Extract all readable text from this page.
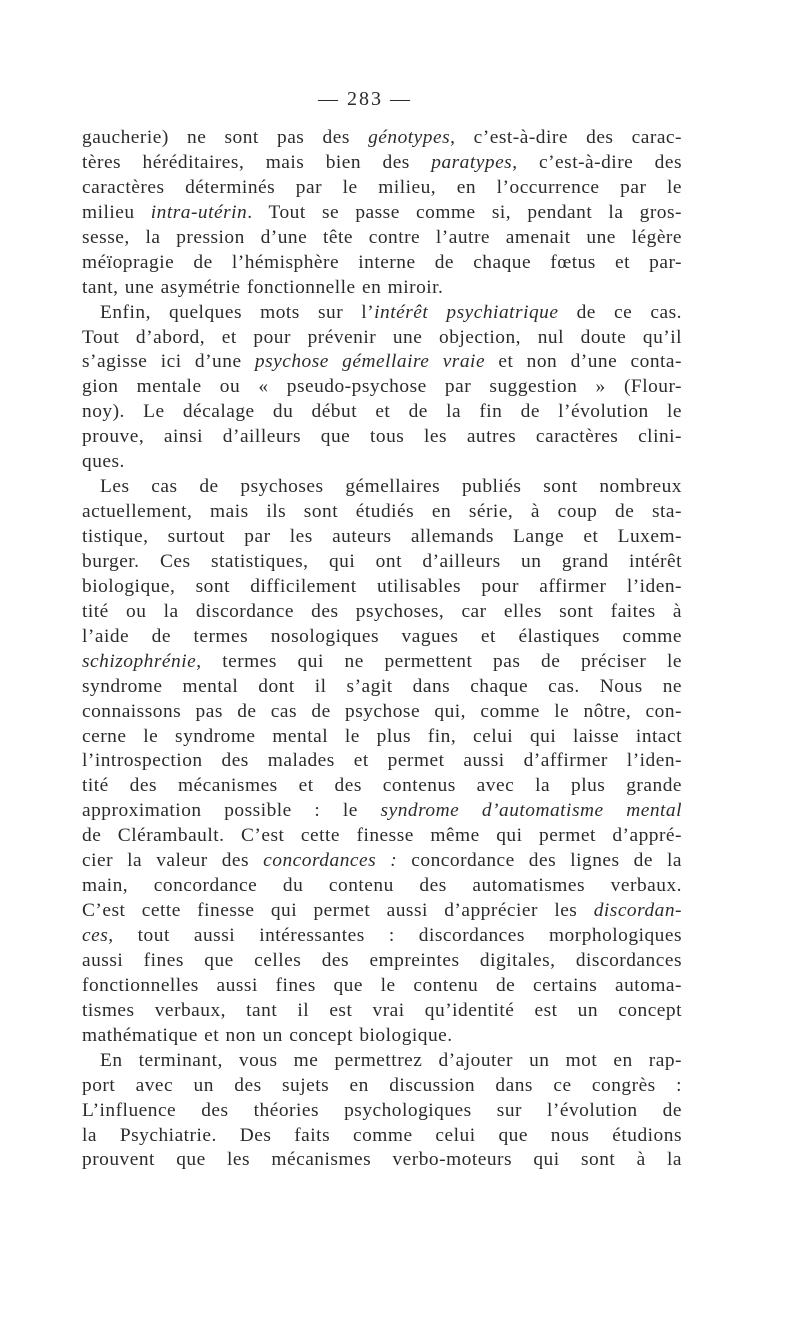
— 283 —
gaucherie) ne sont pas des génotypes, c’est-à-dire des carac-
tères héréditaires, mais bien des paratypes, c’est-à-dire des
caractères déterminés par le milieu, en l’occurrence par le
milieu intra-utérin. Tout se passe comme si, pendant la gros-
sesse, la pression d’une tête contre l’autre amenait une légère
méïopragie de l’hémisphère interne de chaque fœtus et par-
tant, une asymétrie fonctionnelle en miroir.
Enfin, quelques mots sur l’intérêt psychiatrique de ce cas.
Tout d’abord, et pour prévenir une objection, nul doute qu’il
s’agisse ici d’une psychose gémellaire vraie et non d’une conta-
gion mentale ou « pseudo-psychose par suggestion » (Flour-
noy). Le décalage du début et de la fin de l’évolution le
prouve, ainsi d’ailleurs que tous les autres caractères clini-
ques.
Les cas de psychoses gémellaires publiés sont nombreux
actuellement, mais ils sont étudiés en série, à coup de sta-
tistique, surtout par les auteurs allemands Lange et Luxem-
burger. Ces statistiques, qui ont d’ailleurs un grand intérêt
biologique, sont difficilement utilisables pour affirmer l’iden-
tité ou la discordance des psychoses, car elles sont faites à
l’aide de termes nosologiques vagues et élastiques comme
schizophrénie, termes qui ne permettent pas de préciser le
syndrome mental dont il s’agit dans chaque cas. Nous ne
connaissons pas de cas de psychose qui, comme le nôtre, con-
cerne le syndrome mental le plus fin, celui qui laisse intact
l’introspection des malades et permet aussi d’affirmer l’iden-
tité des mécanismes et des contenus avec la plus grande
approximation possible : le syndrome d’automatisme mental
de Clérambault. C’est cette finesse même qui permet d’appré-
cier la valeur des concordances : concordance des lignes de la
main, concordance du contenu des automatismes verbaux.
C’est cette finesse qui permet aussi d’apprécier les discordan-
ces, tout aussi intéressantes : discordances morphologiques
aussi fines que celles des empreintes digitales, discordances
fonctionnelles aussi fines que le contenu de certains automa-
tismes verbaux, tant il est vrai qu’identité est un concept
mathématique et non un concept biologique.
En terminant, vous me permettrez d’ajouter un mot en rap-
port avec un des sujets en discussion dans ce congrès :
L’influence des théories psychologiques sur l’évolution de
la Psychiatrie. Des faits comme celui que nous étudions
prouvent que les mécanismes verbo-moteurs qui sont à la
